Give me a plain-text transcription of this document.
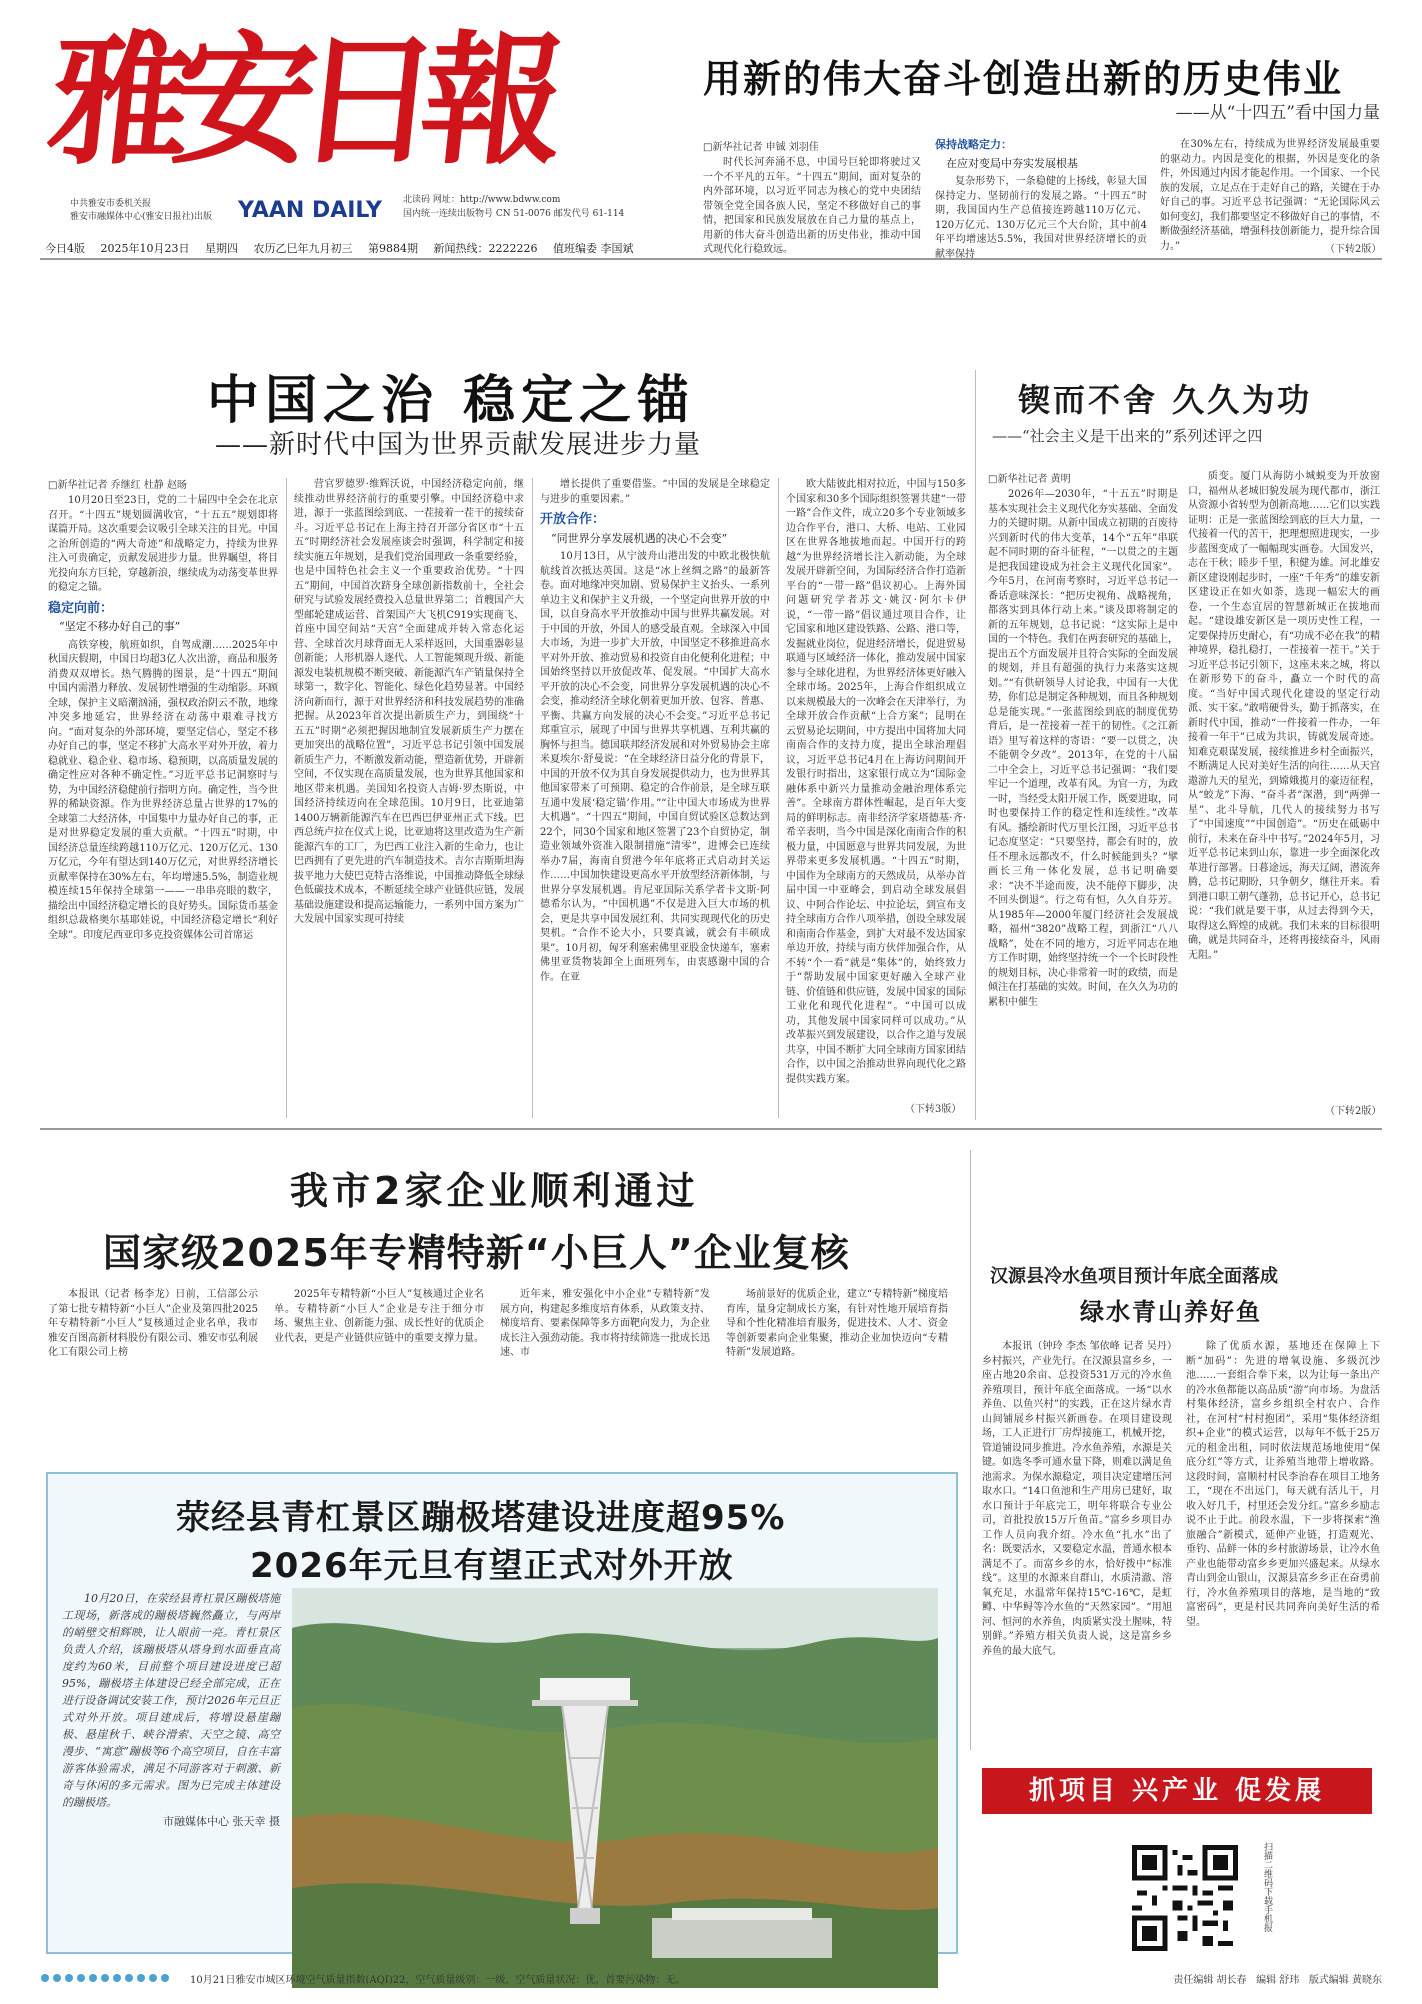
雅安日報
中共雅安市委机关报
雅安市融媒体中心(雅安日报社)出版 YAAN DAILY 北读码 网址：http://www.bdww.com
国内统一连续出版物号 CN 51-0076 邮发代号 61-114
今日4版 2025年10月23日 星期四 农历乙巳年九月初三 第9884期 新闻热线：2222226 值班编委 李国斌
用新的伟大奋斗创造出新的历史伟业
——从“十四五”看中国力量
□新华社记者 申铖 刘羽佳

时代长河奔涌不息，中国号巨轮即将驶过又一个不平凡的五年。“十四五”期间，面对复杂的内外部环境，以习近平同志为核心的党中央团结带领全党全国各族人民，坚定不移做好自己的事情，把国家和民族发展放在自己力量的基点上，用新的伟大奋斗创造出新的历史伟业，推动中国式现代化行稳致远。

保持战略定力：
在应对变局中夯实发展根基

复杂形势下，一条稳健的上扬线，彰显大国保持定力、坚韧前行的发展之路。“十四五”时期，我国国内生产总值接连跨越110万亿元、120万亿元、130万亿元三个大台阶，其中前4年平均增速达5.5%，我国对世界经济增长的贡献率保持

在30%左右，持续成为世界经济发展最重要的驱动力。内因是变化的根据，外因是变化的条件，外因通过内因才能起作用。一个国家、一个民族的发展，立足点在于走好自己的路，关键在于办好自己的事。习近平总书记强调：“无论国际风云如何变幻，我们都要坚定不移做好自己的事情，不断做强经济基础，增强科技创新能力，提升综合国力。”	（下转2版）
中国之治 稳定之锚
——新时代中国为世界贡献发展进步力量
□新华社记者 乔继红 杜静 赵旸

10月20日至23日，党的二十届四中全会在北京召开。“十四五”规划圆满收官，“十五五”规划即将谋篇开局。这次重要会议吸引全球关注的目光。中国之治所创造的“两大奇迹”和战略定力，持续为世界注入可贵确定，贡献发展进步力量。世界瞩望，将目光投向东方巨轮，穿越新浪，继续成为动荡变革世界的稳定之锚。

稳定向前：
“坚定不移办好自己的事”

高铁穿梭，航班如织，自驾成潮……2025年中秋国庆假期，中国日均超3亿人次出游，商品和服务消费双双增长。热气腾腾的图景，是“十四五”期间中国内需潜力释放、发展韧性增强的生动缩影。环顾全球，保护主义暗潮汹涌，强权政治阴云不散，地缘冲突多地延宕，世界经济在动荡中艰难寻找方向。“面对复杂的外部环境，要坚定信心，坚定不移办好自己的事，坚定不移扩大高水平对外开放，着力稳就业、稳企业、稳市场、稳预期，以高质量发展的确定性应对各种不确定性。”习近平总书记洞察时与势，为中国经济稳健前行指明方向。确定性，当今世界的稀缺资源。作为世界经济总量占世界的17%的全球第二大经济体，中国集中力量办好自己的事，正是对世界稳定发展的重大贡献。“十四五”时期，中国经济总量连续跨越110万亿元、120万亿元、130万亿元，今年有望达到140万亿元，对世界经济增长贡献率保持在30%左右，年均增速5.5%，制造业规模连续15年保持全球第一——一串串亮眼的数字，描绘出中国经济稳定增长的良好势头。国际货币基金组织总裁格奥尔基耶娃说，中国经济稳定增长“利好全球”。印度尼西亚印多克投资媒体公司首席运

营官罗德罗·维辉沃说，中国经济稳定向前，继续推动世界经济前行的重要引擎。中国经济稳中求进，源于一张蓝图绘到底、一茬接着一茬干的接续奋斗。习近平总书记在上海主持召开部分省区市“十五五”时期经济社会发展座谈会时强调，科学制定和接续实施五年规划，是我们党治国理政一条重要经验，也是中国特色社会主义一个重要政治优势。“十四五”期间，中国首次跻身全球创新指数前十，全社会研究与试验发展经费投入总量世界第二；首艘国产大型邮轮建成运营、首架国产大飞机C919实现商飞、首座中国空间站“天宫”全面建成并转入常态化运营、全球首次月球背面无人采样返回，大国重器彰显创新能；人形机器人逐代、人工智能频现升级、新能源发电装机规模不断突破、新能源汽车产销量保持全球第一，数字化、智能化、绿色化趋势显著。中国经济向新而行，源于对世界经济和科技发展趋势的准确把握。从2023年首次提出新质生产力，到围绕“十五五”时期“必须把握因地制宜发展新质生产力摆在更加突出的战略位置”，习近平总书记引领中国发展新质生产力，不断激发新动能，塑造新优势，开辟新空间，不仅实现在高质量发展，也为世界其他国家和地区带来机遇。美国知名投资人吉姆·罗杰斯说，中国经济持续迈向在全球范围。10月9日，比亚迪第1400万辆新能源汽车在巴西巴伊亚州正式下线。巴西总统卢拉在仪式上说，比亚迪将这里改造为生产新能源汽车的工厂，为巴西工业注入新的生命力，也让巴西拥有了更先进的汽车制造技术。吉尔吉斯斯坦海拔平地力大使巴克特古洛维说，中国推动降低全球绿色低碳技术成本，不断延续全球产业链供应链，发展基础设施建设和提高运输能力，一系列中国方案为广大发展中国家实现可持续

增长提供了重要借鉴。“中国的发展是全球稳定与进步的重要因素。”

开放合作：
“同世界分享发展机遇的决心不会变”

10月13日，从宁波舟山港出发的中欧北极快航航线首次抵达英国。这是“冰上丝绸之路”的最新答卷。面对地缘冲突加剧、贸易保护主义抬头、一系列单边主义和保护主义升级，一个坚定向世界开放的中国，以自身高水平开放推动中国与世界共赢发展。对于中国的开放，外国人的感受最直观。全球深入中国大市场，为进一步扩大开放，中国坚定不移推进高水平对外开放、推动贸易和投资自由化便利化进程；中国始终坚持以开放促改革、促发展。“中国扩大高水平开放的决心不会变，同世界分享发展机遇的决心不会变，推动经济全球化朝着更加开放、包容、普惠、平衡、共赢方向发展的决心不会变。”习近平总书记郑重宣示，展现了中国与世界共享机遇、互利共赢的胸怀与担当。德国联邦经济发展和对外贸易协会主席米夏埃尔·舒曼说：“在全球经济日益分化的背景下，中国的开放不仅为其自身发展提供动力，也为世界其他国家带来了可预期、稳定的合作前景，是全球互联互通中发展‘稳定锚’作用。”“让中国大市场成为世界大机遇”。“十四五”期间，中国自贸试验区总数达到22个，同30个国家和地区签署了23个自贸协定，制造业领域外资准入限制措施“清零”，进博会已连续举办7届，海南自贸港今年年底将正式启动封关运作……中国加快建设更高水平开放型经济新体制，与世界分享发展机遇。肯尼亚国际关系学者卡文斯·阿德希尔认为，“中国机遇”不仅是进入巨大市场的机会，更是共享中国发展红利、共同实现现代化的历史契机。“合作不论大小，只要真诚，就会有丰硕成果”。10月初，匈牙利塞索佛里亚股金快递车，塞索佛里亚货物装卸全上面班列车，由衷感谢中国的合作。在亚

欧大陆彼此相对拉近，中国与150多个国家和30多个国际组织签署共建“一带一路”合作文件，成立20多个专业领域多边合作平台，港口、大桥、电站、工业园区在世界各地拔地而起。中国开行的跨越“为世界经济增长注入新动能，为全球发展开辟新空间，为国际经济合作打造新平台的“一带一路”倡议初心。上海外国问题研究学者苏文·姚汉·阿尔卡伊说，“一带一路”倡议通过项目合作，让它国家和地区建设铁路、公路、港口等，发掘就业岗位，促进经济增长，促进贸易联通与区域经济一体化，推动发展中国家参与全球化进程，为世界经济体更好融入全球市场。2025年，上海合作组织成立以来规模最大的一次峰会在天津举行，为全球开放合作贡献“上合方案”；昆明在云贸易论坛期间，中方提出中国将加大同南南合作的支持力度，提出全球治理倡议，习近平总书记4月在上海访问期间开发银行时指出，这家银行成立为“国际金融体系中新兴力量推动金融治理体系完善”。全球南方群体性崛起，是百年大变局的鲜明标志。南非经济学家塔德基·齐·希辛表明，当今中国是深化南南合作的积极力量，中国愿意与世界共同发展，为世界带来更多发展机遇。“十四五”时期，中国作为全球南方的天然成员，从举办首届中国一中亚峰会，到启动全球发展倡议、中阿合作论坛、中拉论坛，到宣布支持全球南方合作八项举措，创设全球发展和南南合作基金，到扩大对最不发达国家单边开放，持续与南方伙伴加强合作，从不转“个一看”就是“集体”的，始终致力于“帮助发展中国家更好融入全球产业链、价值链和供应链，发展中国家的国际工业化和现代化进程”。“中国可以成功，其他发展中国家同样可以成功。”从改革振兴到发展建设，以合作之道与发展共享，中国不断扩大同全球南方国家团结合作，以中国之治推动世界向现代化之路提供实践方案。

（下转3版）
锲而不舍 久久为功
——“社会主义是干出来的”系列述评之四
□新华社记者 黄明

2026年—2030年，“十五五”时期是基本实现社会主义现代化夯实基础、全面发力的关键时期。从新中国成立初期的百废待兴到新时代的伟大变革，14个“五年”串联起不同时期的奋斗征程，“一以贯之的主题是把我国建设成为社会主义现代化国家”。今年5月，在河南考察时，习近平总书记一番话意味深长：“把历史视角、战略视角，都落实到具体行动上来。”谈及即将制定的新的五年规划，总书记说：“这实际上是中国的一个特色。我们在两套研究的基础上，提出五个方面发展并且符合实际的全面发展的规划，并且有超强的执行力来落实这规划。”“有供研领导人讨论我，中国有一大优势，你们总是制定各种规划，而且各种规划总是能实现。”一张蓝图绘到底的制度优势背后，是一茬接着一茬干的韧性。《之江新语》里写着这样的寄语：“要一以贯之，决不能朝令夕改”。2013年，在党的十八届二中全会上，习近平总书记强调：“我们要牢记一个道理，改革有风。为官一方，为政一时，当经受太阳开展工作，既要进取，同时也要保持工作的稳定性和连续性。”改革有风。播绘新时代万里长江图，习近平总书记态度坚定：“只要坚持，都会有时的，放任不理永远都改不，什么时候能到头？”擘画长三角一体化发展，总书记明确要求：“决不半途而废，决不能停下脚步，决不回头倒退”。行之苟有恒，久久自芬芳。从1985年—2000年厦门经济社会发展战略，福州“3820”战略工程，到浙江“八八战略”，处在不同的地方，习近平同志在地方工作时期，始终坚持统一个一个长时段性的规划目标，决心非常着一时的政绩，而是倾注在打基础的实效。时间，在久久为功的累积中催生

质变。厦门从海防小城蜕变为开放窗口，福州从老城旧貌发展为现代都市，浙江从资源小省转型为创新高地……它们以实践证明：正是一张蓝图绘到底的巨大力量，一代接着一代的苦干，把理想照进现实，一步步蓝图变成了一幅幅现实画卷。大国发兴，志在干秋；睦步千里，积健为雄。河北雄安新区建设刚起步时，一座“千年秀”的雄安新区建设正在如火如荼，选现一幅宏大的画卷，一个生态宜居的智慧新城正在拔地而起。“建设雄安新区是一项历史性工程，一定要保持历史耐心，有“功成不必在我”的精神境界，稳扎稳打，一茬接着一茬干。”关于习近平总书记引领下，这座未来之城，将以在新形势下的奋斗，矗立一个时代的高度。“当好中国式现代化建设的坚定行动派、实干家。”敢啃硬骨头，勤于抓落实，在新时代中国，推动“一件接着一件办，一年接着一年干”已成为共识，铸就发展奇迹。知难克艰谋发展，接续推进乡村全面振兴，不断满足人民对美好生活的向往……从天宫遨游九天的星光，到嫦娥揽月的豪迈征程，从“蛟龙”下海、“奋斗者”深潜，到“两弹一星”、北斗导航，几代人的接续努力书写了“中国速度”“中国创造”。“历史在砥砺中前行，未来在奋斗中书写。”2024年5月，习近平总书记来到山东，靠进一步全面深化改革进行部署。日暮途远，海天辽阔，潜流奔腾，总书记期盼，只争朝夕，继往开来。看到港口职工朝气蓬勃，总书记开心，总书记说：“我们就是要干事，从过去得到今天，取得这么辉煌的成就。我们未来的目标很明确，就是共同奋斗，还将再接续奋斗，风雨无阻。”

（下转2版）
我市2家企业顺利通过
国家级2025年专精特新“小巨人”企业复核

本报讯（记者 杨李龙）日前，工信部公示了第七批专精特新“小巨人”企业及第四批2025年专精特新“小巨人”复核通过企业名单，我市雅安百图高新材料股份有限公司、雅安市弘利展化工有限公司上榜

2025年专精特新“小巨人”复核通过企业名单。专精特新“小巨人”企业是专注于细分市场、聚焦主业、创新能力强、成长性好的优质企业代表，更是产业链供应链中的重要支撑力量。

近年来，雅安强化中小企业“专精特新”发展方向，构建起多维度培育体系，从政策支持、梯度培育、要素保障等多方面靶向发力，为企业成长注入强劲动能。我市将持续筛选一批成长迅速、市

场前景好的优质企业，建立“专精特新”梯度培育库，量身定制成长方案，有针对性地开展培育指导和个性化精准培育服务，促进技术、人才、资金等创新要素向企业集聚，推动企业加快迈向“专精特新”发展道路。

汉源县冷水鱼项目预计年底全面落成
绿水青山养好鱼

本报讯（钟玲 李杰 邹依峰 记者 吴丹）乡村振兴，产业先行。在汉源县富乡乡，一座占地20余亩、总投资531万元的冷水鱼养殖项目，预计年底全面落成。一场“以水养鱼、以鱼兴村”的实践，正在这片绿水青山间铺展乡村振兴新画卷。在项目建设现场，工人正进行厂房焊接施工，机械开挖，管道铺设同步推进。冷水鱼养殖，水源是关键。如选冬季可通水量下降，则难以满足鱼池需求。为保水源稳定，项目决定建增压河取水口。“14口鱼池和生产用房已建好，取水口预计于年底完工，明年将联合专业公司，首批投放15万斤鱼苗。”富乡乡项目办工作人员向我介绍。冷水鱼“扎水”出了名：既要活水，又要稳定水温，普通水根本满足不了。而富乡乡的水，恰好拨中“标准线”。这里的水源来自群山，水质清澈、溶氧充足，水温常年保持15℃-16℃，是虹鳟、中华鲟等冷水鱼的“天然家园”。“用旭河、恒河的水养鱼，肉质紧实没土腥味，特别鲜。”养殖方相关负责人说，这是富乡乡养鱼的最大底气。

除了优质水源，基地还在保障上下断“加码”：先进的增氧设施、多级沉沙池……一套组合拳下来，以为让每一条出产的冷水鱼都能以高品质“游”向市场。为盘活村集体经济，富乡乡组织全村农户、合作社，在河村“村村抱团”，采用“集体经济组织+企业”的模式运营，以每年不低于25万元的租金出租，同时依法规范场地使用“保底分红”等方式，让养殖当地带上增收路。这段时间，富顺村村民李治春在项目工地务工，“现在不出远门，每天就有活儿干，月收入好几千，村里还会发分红。”富乡乡励志说不止于此。前段水温，下一步将探索“渔旅融合”新模式，延伸产业链，打造观光、垂钓、品鲜一体的乡村旅游场景，让冷水鱼产业也能带动富乡乡更加兴盛起来。从绿水青山到金山银山，汉源县富乡乡正在奋勇前行，冷水鱼养殖项目的落地，是当地的“致富密码”，更是村民共同奔向美好生活的希望。

荥经县青杠景区蹦极塔建设进度超95%
2026年元旦有望正式对外开放

10月20日，在荥经县青杠景区蹦极塔施工现场，新落成的蹦极塔巍然矗立，与两岸的峭壁交相辉映，让人眼前一亮。青杠景区负责人介绍，该蹦极塔从塔身到水面垂直高度约为60米，目前整个项目建设进度已超95%，蹦极塔主体建设已经全部完成，正在进行设备调试安装工作，预计2026年元旦正式对外开放。项目建成后，将增设悬崖蹦极、悬崖秋千、峡谷滑索、天空之镜、高空漫步、“寓意”蹦极等6个高空项目，自在丰富游客体验需求，满足不同游客对于刺激、新奇与休闲的多元需求。图为已完成主体建设的蹦极塔。

市融媒体中心 张天幸 摄
抓项目 兴产业 促发展
扫描二维码下载手机报
10月21日雅安市城区环境空气质量指数(AQI)22，空气质量级别：一级，空气质量状况：优，首要污染物：无。	责任编辑 胡长春 编辑 舒玮 版式编辑 黄晓东
